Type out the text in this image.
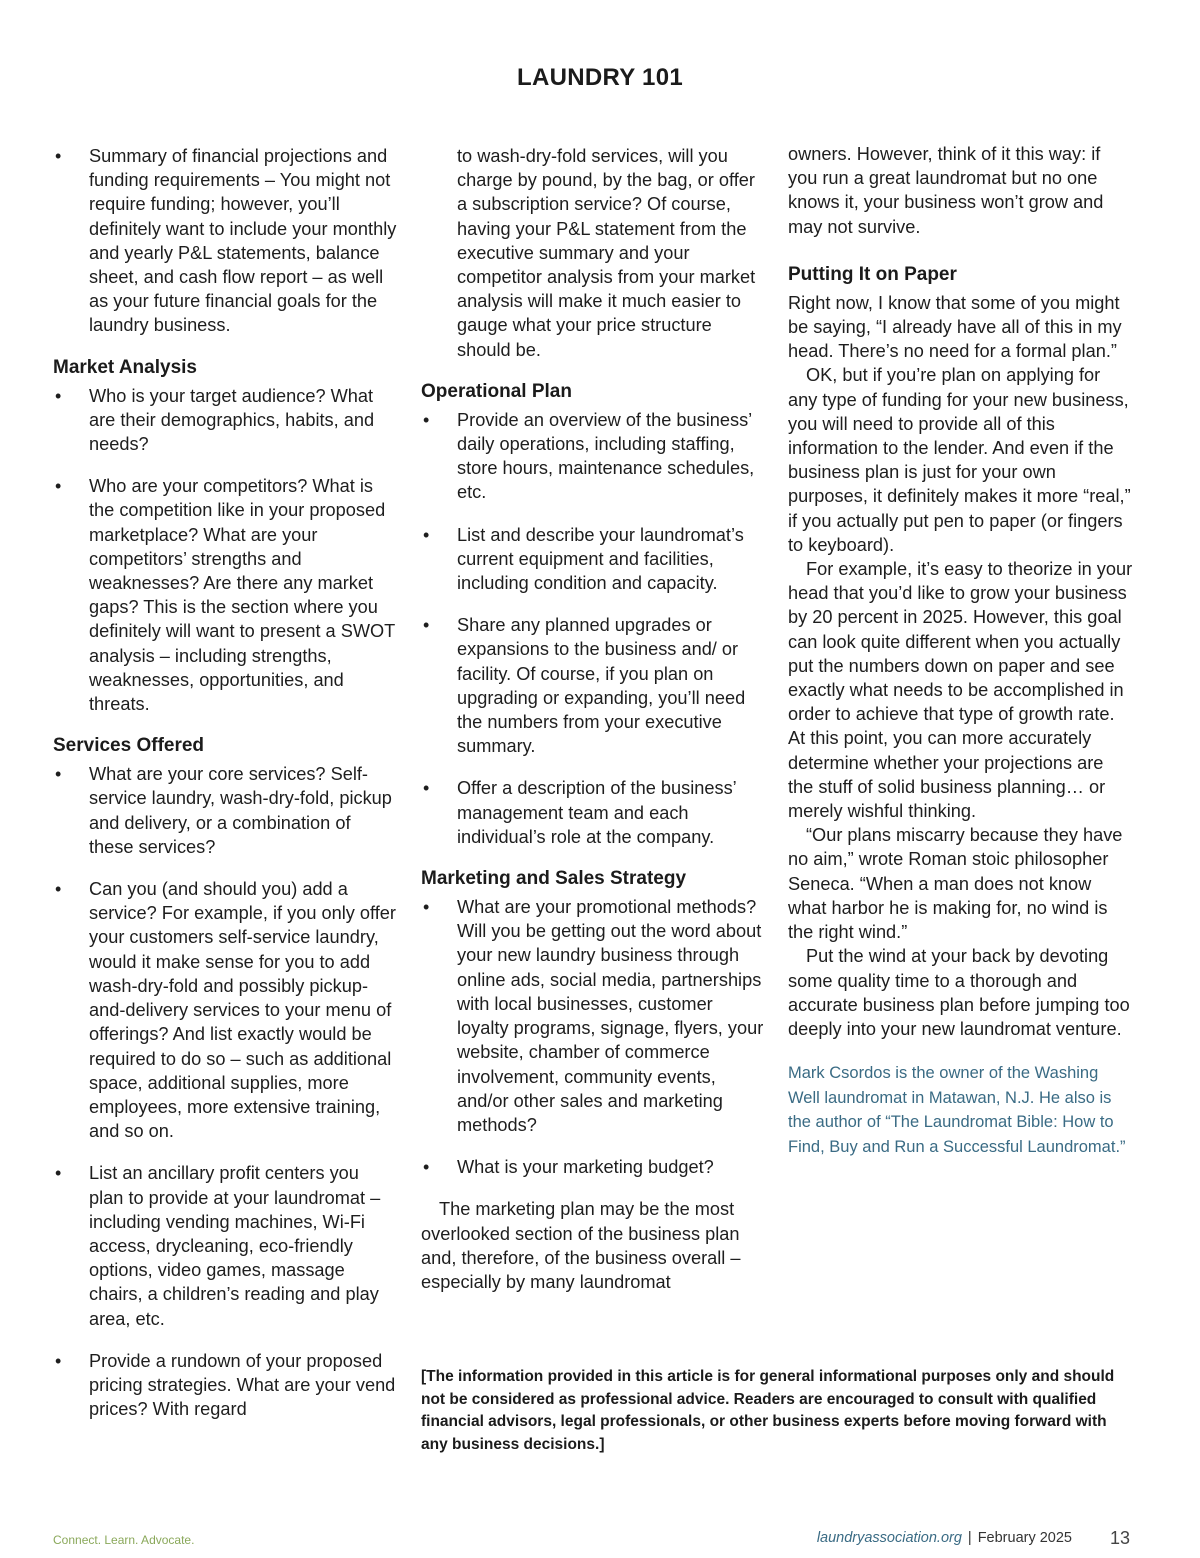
LAUNDRY 101
• Summary of financial projections and funding requirements – You might not require funding; however, you’ll definitely want to include your monthly and yearly P&L statements, balance sheet, and cash flow report – as well as your future financial goals for the laundry business.
Market Analysis
• Who is your target audience? What are their demographics, habits, and needs?
• Who are your competitors? What is the competition like in your proposed marketplace? What are your competitors’ strengths and weaknesses? Are there any market gaps? This is the section where you definitely will want to present a SWOT analysis – including strengths, weaknesses, opportunities, and threats.
Services Offered
• What are your core services? Self-service laundry, wash-dry-fold, pickup and delivery, or a combination of these services?
• Can you (and should you) add a service? For example, if you only offer your customers self-service laundry, would it make sense for you to add wash-dry-fold and possibly pickup-and-delivery services to your menu of offerings? And list exactly would be required to do so – such as additional space, additional supplies, more employees, more extensive training, and so on.
• List an ancillary profit centers you plan to provide at your laundromat – including vending machines, Wi-Fi access, drycleaning, eco-friendly options, video games, massage chairs, a children’s reading and play area, etc.
• Provide a rundown of your proposed pricing strategies. What are your vend prices? With regard

to wash-dry-fold services, will you charge by pound, by the bag, or offer a subscription service? Of course, having your P&L statement from the executive summary and your competitor analysis from your market analysis will make it much easier to gauge what your price structure should be.

Operational Plan
• Provide an overview of the business’ daily operations, including staffing, store hours, maintenance schedules, etc.
• List and describe your laundromat’s current equipment and facilities, including condition and capacity.
• Share any planned upgrades or expansions to the business and/ or facility. Of course, if you plan on upgrading or expanding, you’ll need the numbers from your executive summary.
• Offer a description of the business’ management team and each individual’s role at the company.
Marketing and Sales Strategy
• What are your promotional methods? Will you be getting out the word about your new laundry business through online ads, social media, partnerships with local businesses, customer loyalty programs, signage, flyers, your website, chamber of commerce involvement, community events, and/or other sales and marketing methods?
• What is your marketing budget?

The marketing plan may be the most overlooked section of the business plan and, therefore, of the business overall – especially by many laundromat

owners. However, think of it this way: if you run a great laundromat but no one knows it, your business won’t grow and may not survive.

Putting It on Paper

Right now, I know that some of you might be saying, “I already have all of this in my head. There’s no need for a formal plan.”

OK, but if you’re plan on applying for any type of funding for your new business, you will need to provide all of this information to the lender. And even if the business plan is just for your own purposes, it definitely makes it more “real,” if you actually put pen to paper (or fingers to keyboard).

For example, it’s easy to theorize in your head that you’d like to grow your business by 20 percent in 2025. However, this goal can look quite different when you actually put the numbers down on paper and see exactly what needs to be accomplished in order to achieve that type of growth rate. At this point, you can more accurately determine whether your projections are the stuff of solid business planning… or merely wishful thinking.

“Our plans miscarry because they have no aim,” wrote Roman stoic philosopher Seneca. “When a man does not know what harbor he is making for, no wind is the right wind.”

Put the wind at your back by devoting some quality time to a thorough and accurate business plan before jumping too deeply into your new laundromat venture.

Mark Csordos is the owner of the Washing Well laundromat in Matawan, N.J. He also is the author of “The Laundromat Bible: How to Find, Buy and Run a Successful Laundromat.”

[The information provided in this article is for general informational purposes only and should not be considered as professional advice. Readers are encouraged to consult with qualified financial advisors, legal professionals, or other business experts before moving forward with any business decisions.]
Connect. Learn. Advocate.	laundryassociation.org | February 2025 13
